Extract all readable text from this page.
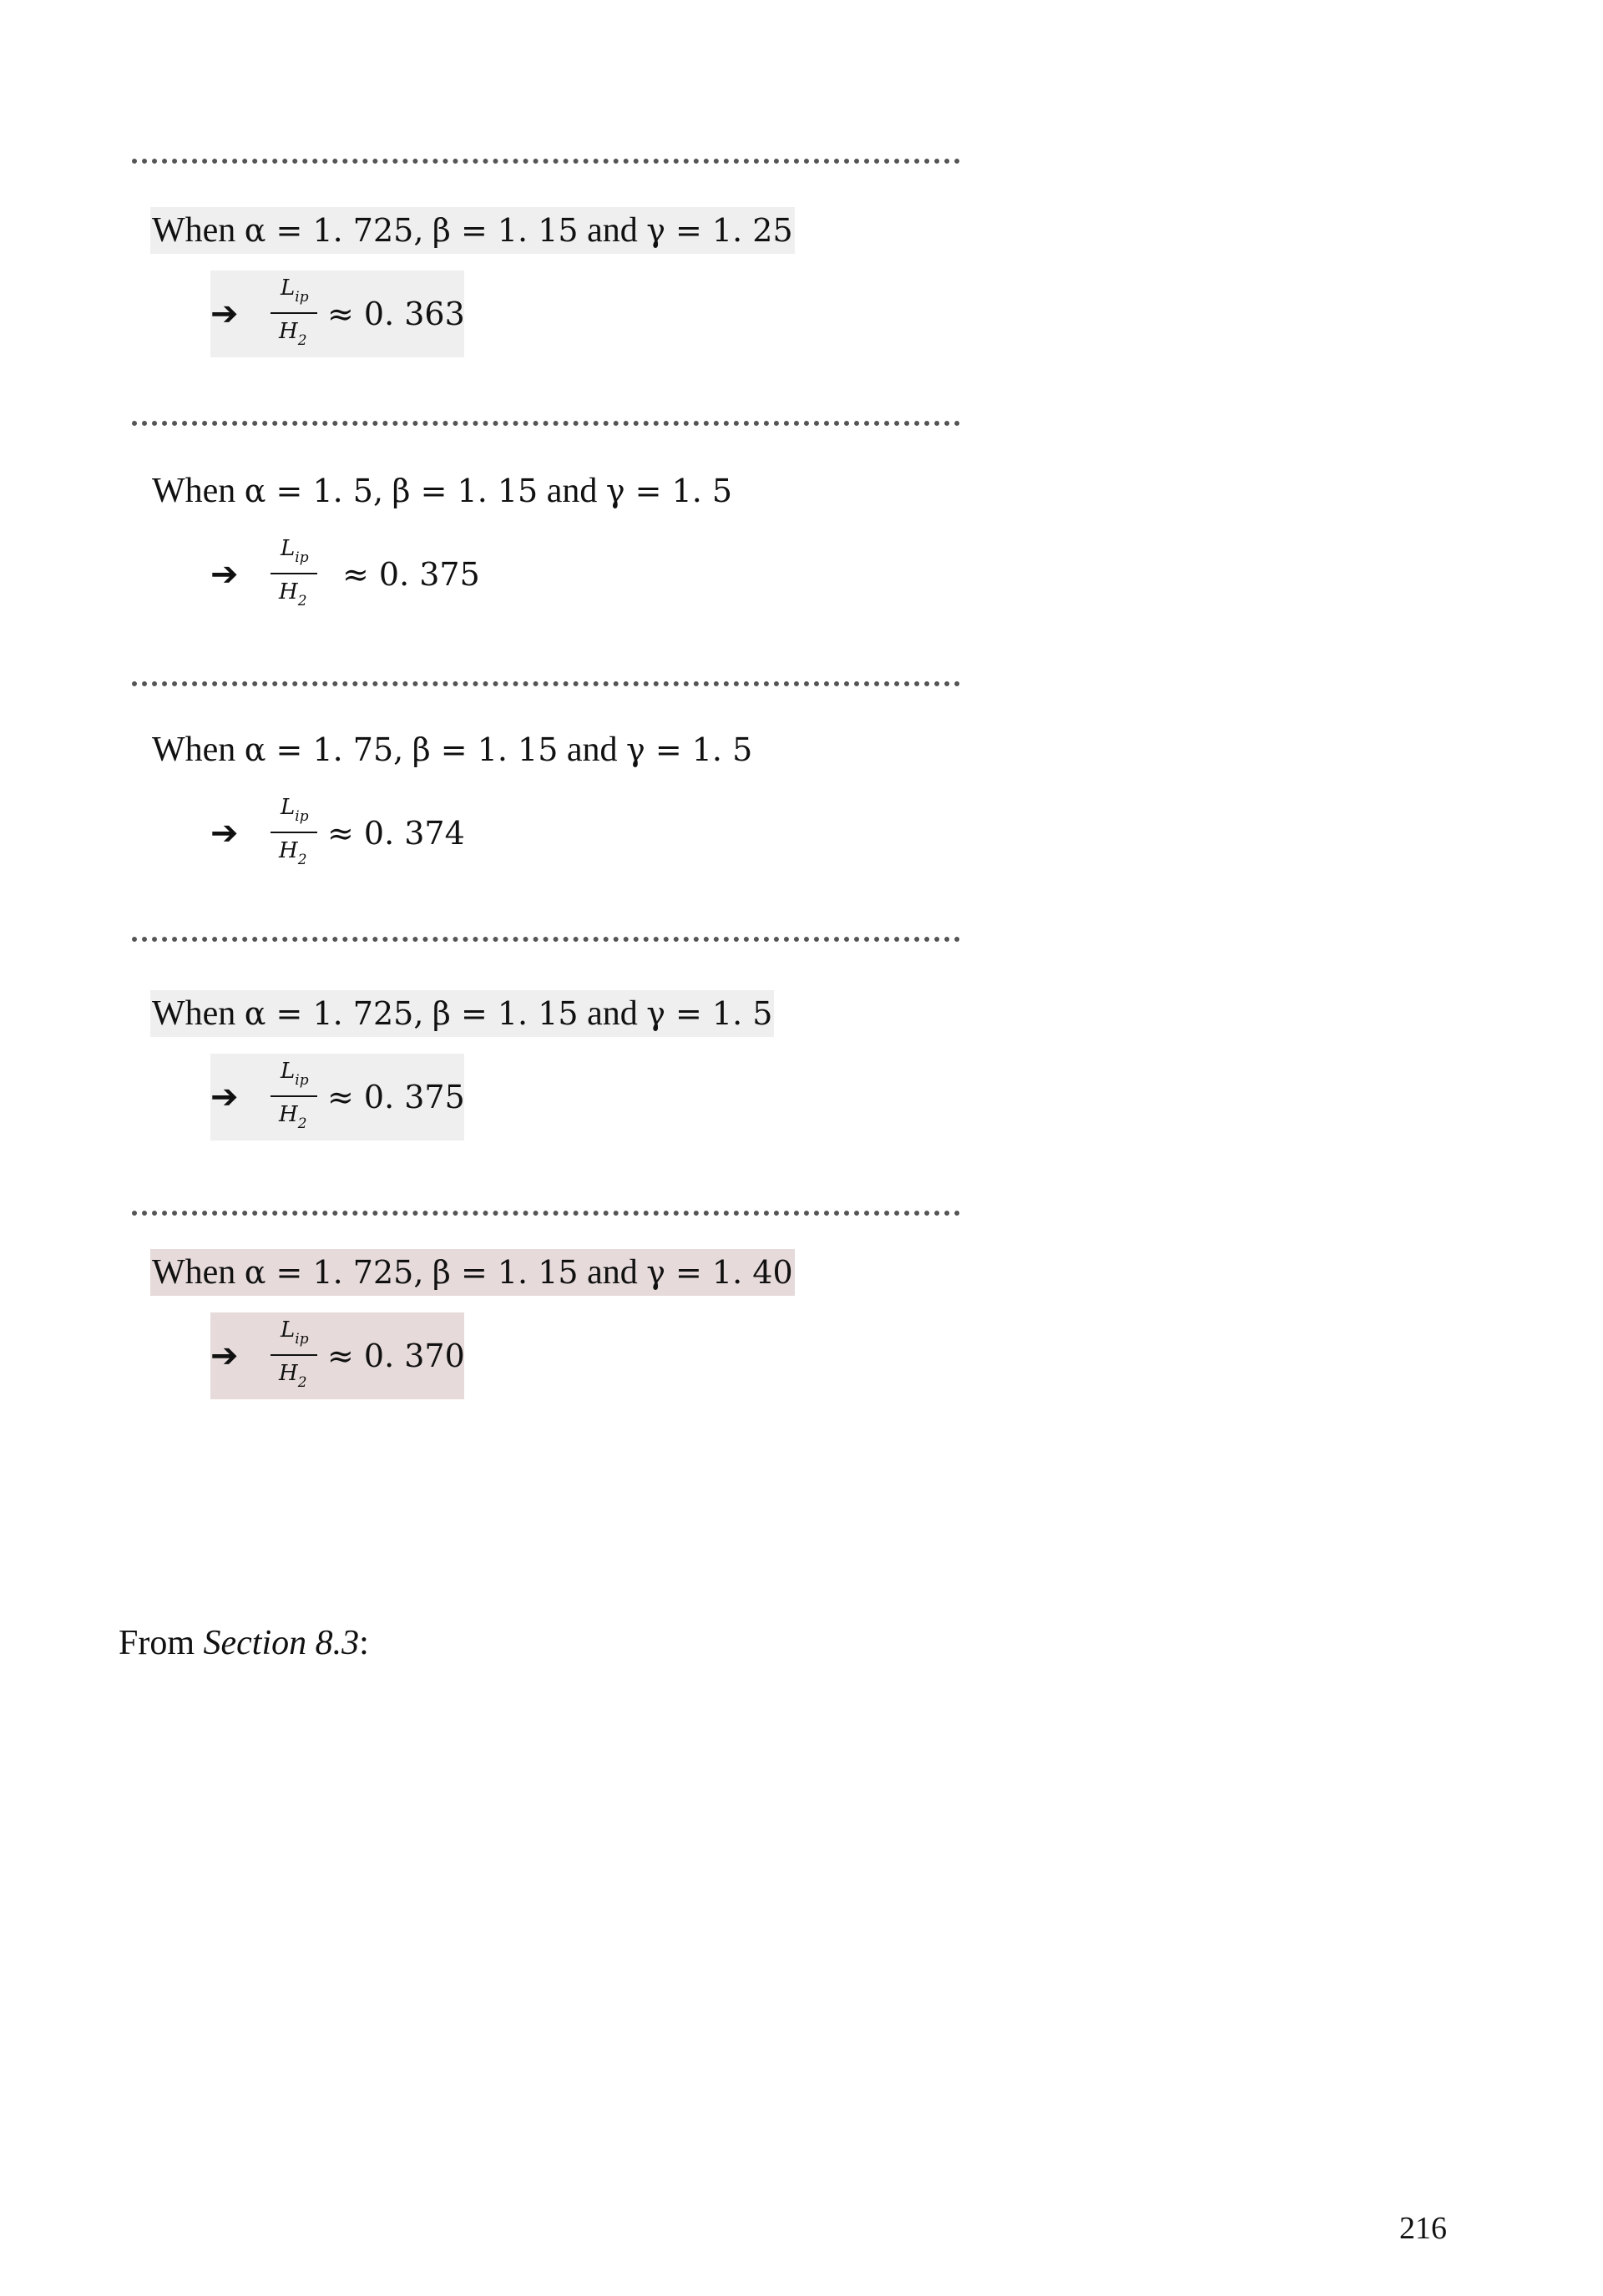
When α = 1. 725, β = 1. 15 and γ = 1. 25
➔
$L_{ip}$
$H_2$
≈ 0. 363
When α = 1. 5, β = 1. 15 and γ = 1. 5
➔
$L_{ip}$
$H_2$
≈ 0. 375
When α = 1. 75, β = 1. 15 and γ = 1. 5
➔
$L_{ip}$
$H_2$
≈ 0. 374
When α = 1. 725, β = 1. 15 and γ = 1. 5
➔
$L_{ip}$
$H_2$
≈ 0. 375
When α = 1. 725, β = 1. 15 and γ = 1. 40
➔
$L_{ip}$
$H_2$
≈ 0. 370
From Section 8.3:
216
